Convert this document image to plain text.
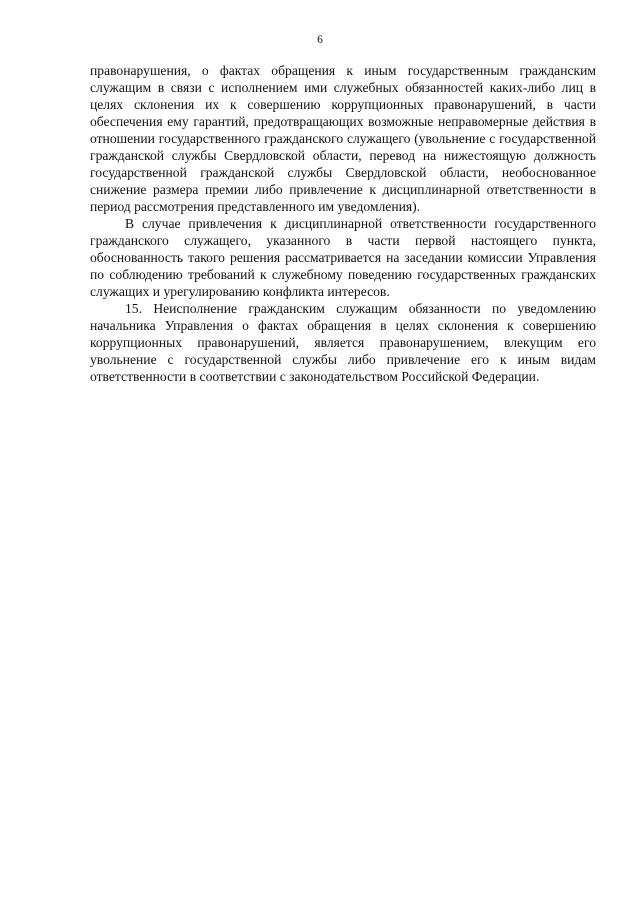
6

правонарушения, о фактах обращения к иным государственным гражданским служащим в связи с исполнением ими служебных обязанностей каких-либо лиц в целях склонения их к совершению коррупционных правонарушений, в части обеспечения ему гарантий, предотвращающих возможные неправомерные действия в отношении государственного гражданского служащего (увольнение с государственной гражданской службы Свердловской области, перевод на нижестоящую должность государственной гражданской службы Свердловской области, необоснованное снижение размера премии либо привлечение к дисциплинарной ответственности в период рассмотрения представленного им уведомления).

В случае привлечения к дисциплинарной ответственности государственного гражданского служащего, указанного в части первой настоящего пункта, обоснованность такого решения рассматривается на заседании комиссии Управления по соблюдению требований к служебному поведению государственных гражданских служащих и урегулированию конфликта интересов.

15. Неисполнение гражданским служащим обязанности по уведомлению начальника Управления о фактах обращения в целях склонения к совершению коррупционных правонарушений, является правонарушением, влекущим его увольнение с государственной службы либо привлечение его к иным видам ответственности в соответствии с законодательством Российской Федерации.
